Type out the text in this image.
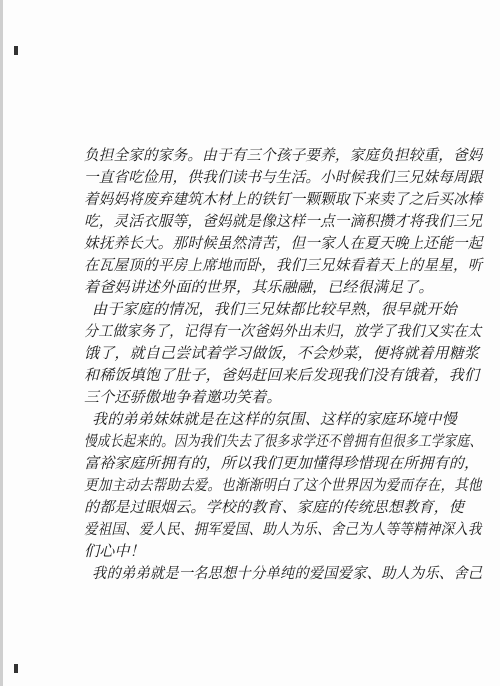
负担全家的家务。由于有三个孩子要养，家庭负担较重，爸妈
一直省吃俭用，供我们读书与生活。小时候我们三兄妹每周跟
着妈妈将废弃建筑木材上的铁钉一颗颗取下来卖了之后买冰棒
吃，灵活衣服等，爸妈就是像这样一点一滴积攒才将我们三兄
妹抚养长大。那时候虽然清苦，但一家人在夏天晚上还能一起
在瓦屋顶的平房上席地而卧，我们三兄妹看着天上的星星，听
着爸妈讲述外面的世界，其乐融融，已经很满足了。
由于家庭的情况，我们三兄妹都比较早熟，很早就开始
分工做家务了，记得有一次爸妈外出未归，放学了我们又实在太
饿了，就自己尝试着学习做饭，不会炒菜，便将就着用糖浆
和稀饭填饱了肚子，爸妈赶回来后发现我们没有饿着，我们
三个还骄傲地争着邀功笑着。
我的弟弟妹妹就是在这样的氛围、这样的家庭环境中慢
慢成长起来的。因为我们失去了很多求学还不曾拥有但很多工学家庭、
富裕家庭所拥有的，所以我们更加懂得珍惜现在所拥有的，
更加主动去帮助去爱。也渐渐明白了这个世界因为爱而存在，其他
的都是过眼烟云。学校的教育、家庭的传统思想教育，使
爱祖国、爱人民、拥军爱国、助人为乐、舍己为人等等精神深入我
们心中！
我的弟弟就是一名思想十分单纯的爱国爱家、助人为乐、舍己
